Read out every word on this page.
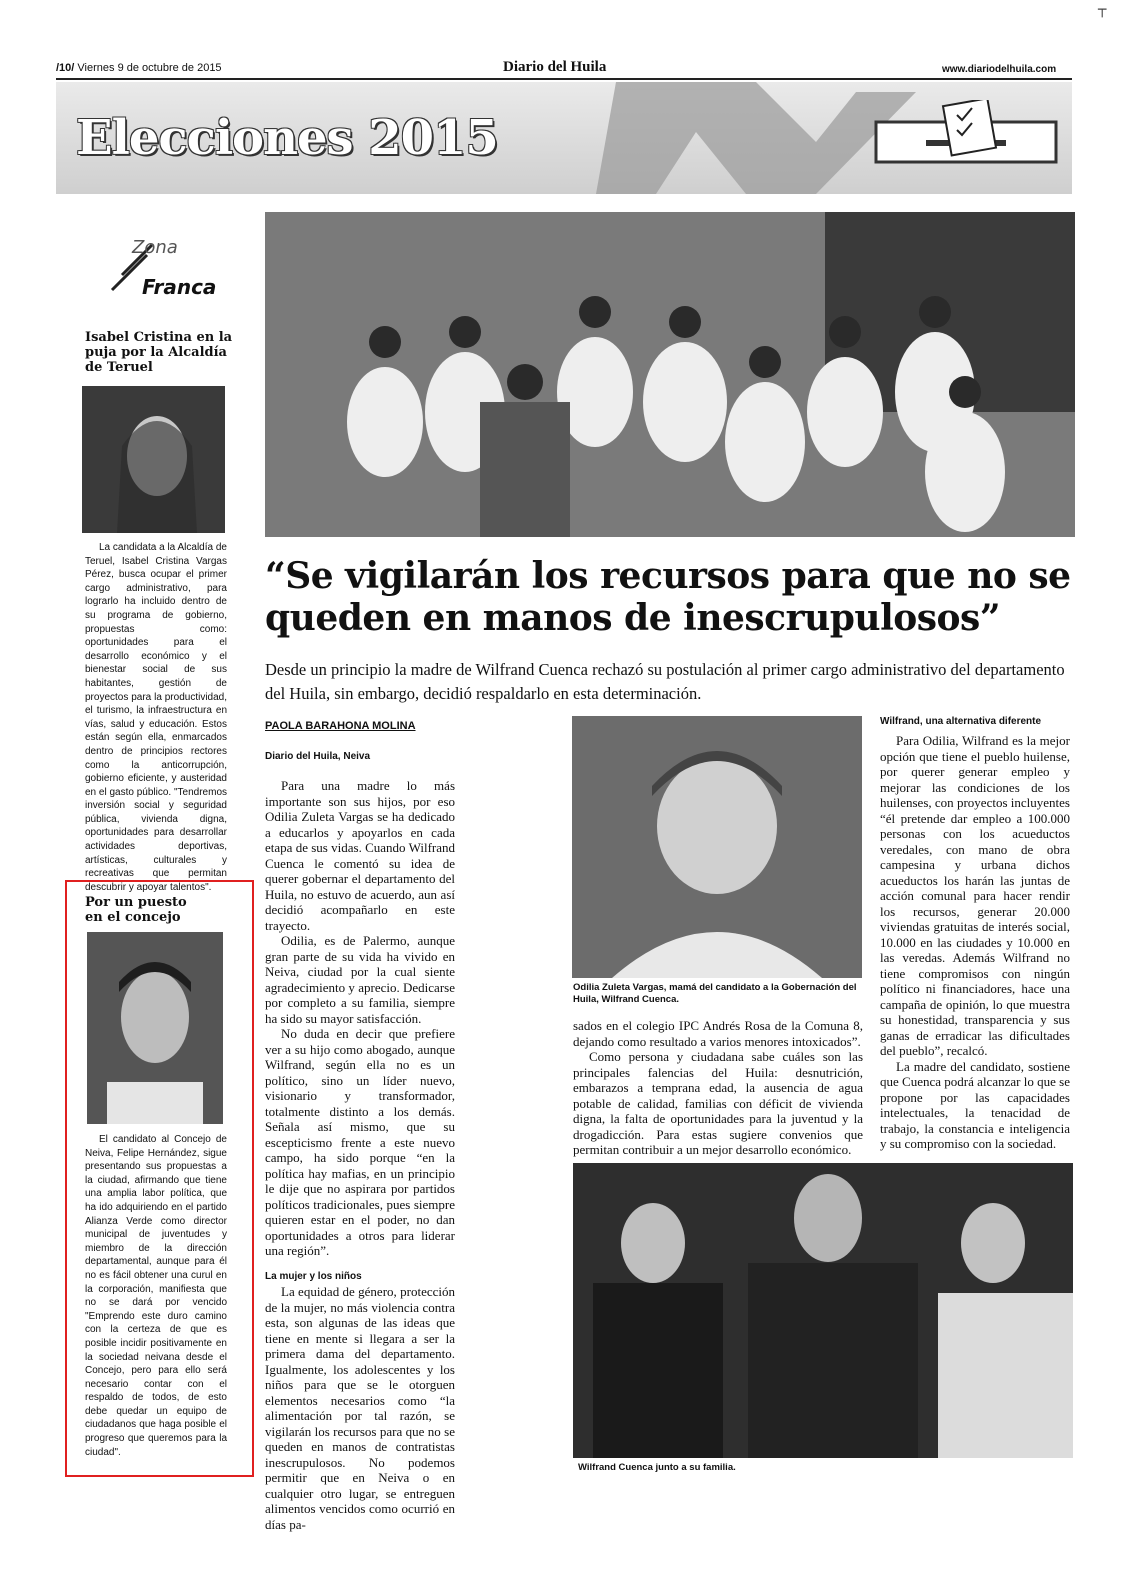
┬
/10/ Viernes 9 de octubre de 2015	Diario del Huila	www.diariodelhuila.com
Elecciones 2015
Zona
Franca
Isabel Cristina en la puja por la Alcaldía de Teruel
La candidata a la Alcaldía de Teruel, Isabel Cristina Vargas Pérez, busca ocupar el primer cargo administrativo, para lograrlo ha incluido dentro de su programa de gobierno, propuestas como: oportunidades para el desarrollo económico y el bienestar social de sus habitantes, gestión de proyectos para la productividad, el turismo, la infraestructura en vías, salud y educación. Estos están según ella, enmarcados dentro de principios rectores como la anticorrupción, gobierno eficiente, y austeridad en el gasto público. "Tendremos inversión social y seguridad pública, vivienda digna, oportunidades para desarrollar actividades deportivas, artísticas, culturales y recreativas que permitan descubrir y apoyar talentos".
Por un puesto en el concejo
El candidato al Concejo de Neiva, Felipe Hernández, sigue presentando sus propuestas a la ciudad, afirmando que tiene una amplia labor política, que ha ido adquiriendo en el partido Alianza Verde como director municipal de juventudes y miembro de la dirección departamental, aunque para él no es fácil obtener una curul en la corporación, manifiesta que no se dará por vencido "Emprendo este duro camino con la certeza de que es posible incidir positivamente en la sociedad neivana desde el Concejo, pero para ello será necesario contar con el respaldo de todos, de esto debe quedar un equipo de ciudadanos que haga posible el progreso que queremos para la ciudad".
“Se vigilarán los recursos para que no se queden en manos de inescrupulosos”
Desde un principio la madre de Wilfrand Cuenca rechazó su postulación al primer cargo administrativo del departamento del Huila, sin embargo, decidió respaldarlo en esta determinación.
PAOLA BARAHONA MOLINA
Diario del Huila, Neiva

Para una madre lo más importante son sus hijos, por eso Odilia Zuleta Vargas se ha dedicado a educarlos y apoyarlos en cada etapa de sus vidas. Cuando Wilfrand Cuenca le comentó su idea de querer gobernar el departamento del Huila, no estuvo de acuerdo, aun así decidió acompañarlo en este trayecto.

Odilia, es de Palermo, aunque gran parte de su vida ha vivido en Neiva, ciudad por la cual siente agradecimiento y aprecio. Dedicarse por completo a su familia, siempre ha sido su mayor satisfacción.

No duda en decir que prefiere ver a su hijo como abogado, aunque Wilfrand, según ella no es un político, sino un líder nuevo, visionario y transformador, totalmente distinto a los demás. Señala así mismo, que su escepticismo frente a este nuevo campo, ha sido porque “en la política hay mafias, en un principio le dije que no aspirara por partidos políticos tradicionales, pues siempre quieren estar en el poder, no dan oportunidades a otros para liderar una región”.

La mujer y los niños

La equidad de género, protección de la mujer, no más violencia contra esta, son algunas de las ideas que tiene en mente si llegara a ser la primera dama del departamento. Igualmente, los adolescentes y los niños para que se le otorguen elementos necesarios como “la alimentación por tal razón, se vigilarán los recursos para que no se queden en manos de contratistas inescrupulosos. No podemos permitir que en Neiva o en cualquier otro lugar, se entreguen alimentos vencidos como ocurrió en días pa-

Odilia Zuleta Vargas, mamá del candidato a la Gobernación del Huila, Wilfrand Cuenca.

sados en el colegio IPC Andrés Rosa de la Comuna 8, dejando como resultado a varios menores intoxicados”.

Como persona y ciudadana sabe cuáles son las principales falencias del Huila: desnutrición, embarazos a temprana edad, la ausencia de agua potable de calidad, familias con déficit de vivienda digna, la falta de oportunidades para la juventud y la drogadicción. Para estas sugiere convenios que permitan contribuir a un mejor desarrollo económico.

Wilfrand, una alternativa diferente

Para Odilia, Wilfrand es la mejor opción que tiene el pueblo huilense, por querer generar empleo y mejorar las condiciones de los huilenses, con proyectos incluyentes “él pretende dar empleo a 100.000 personas con los acueductos veredales, con mano de obra campesina y urbana dichos acueductos los harán las juntas de acción comunal para hacer rendir los recursos, generar 20.000 viviendas gratuitas de interés social, 10.000 en las ciudades y 10.000 en las veredas. Además Wilfrand no tiene compromisos con ningún político ni financiadores, hace una campaña de opinión, lo que muestra su honestidad, transparencia y sus ganas de erradicar las dificultades del pueblo”, recalcó.

La madre del candidato, sostiene que Cuenca podrá alcanzar lo que se propone por las capacidades intelectuales, la tenacidad de trabajo, la constancia e inteligencia y su compromiso con la sociedad.

Wilfrand Cuenca junto a su familia.
